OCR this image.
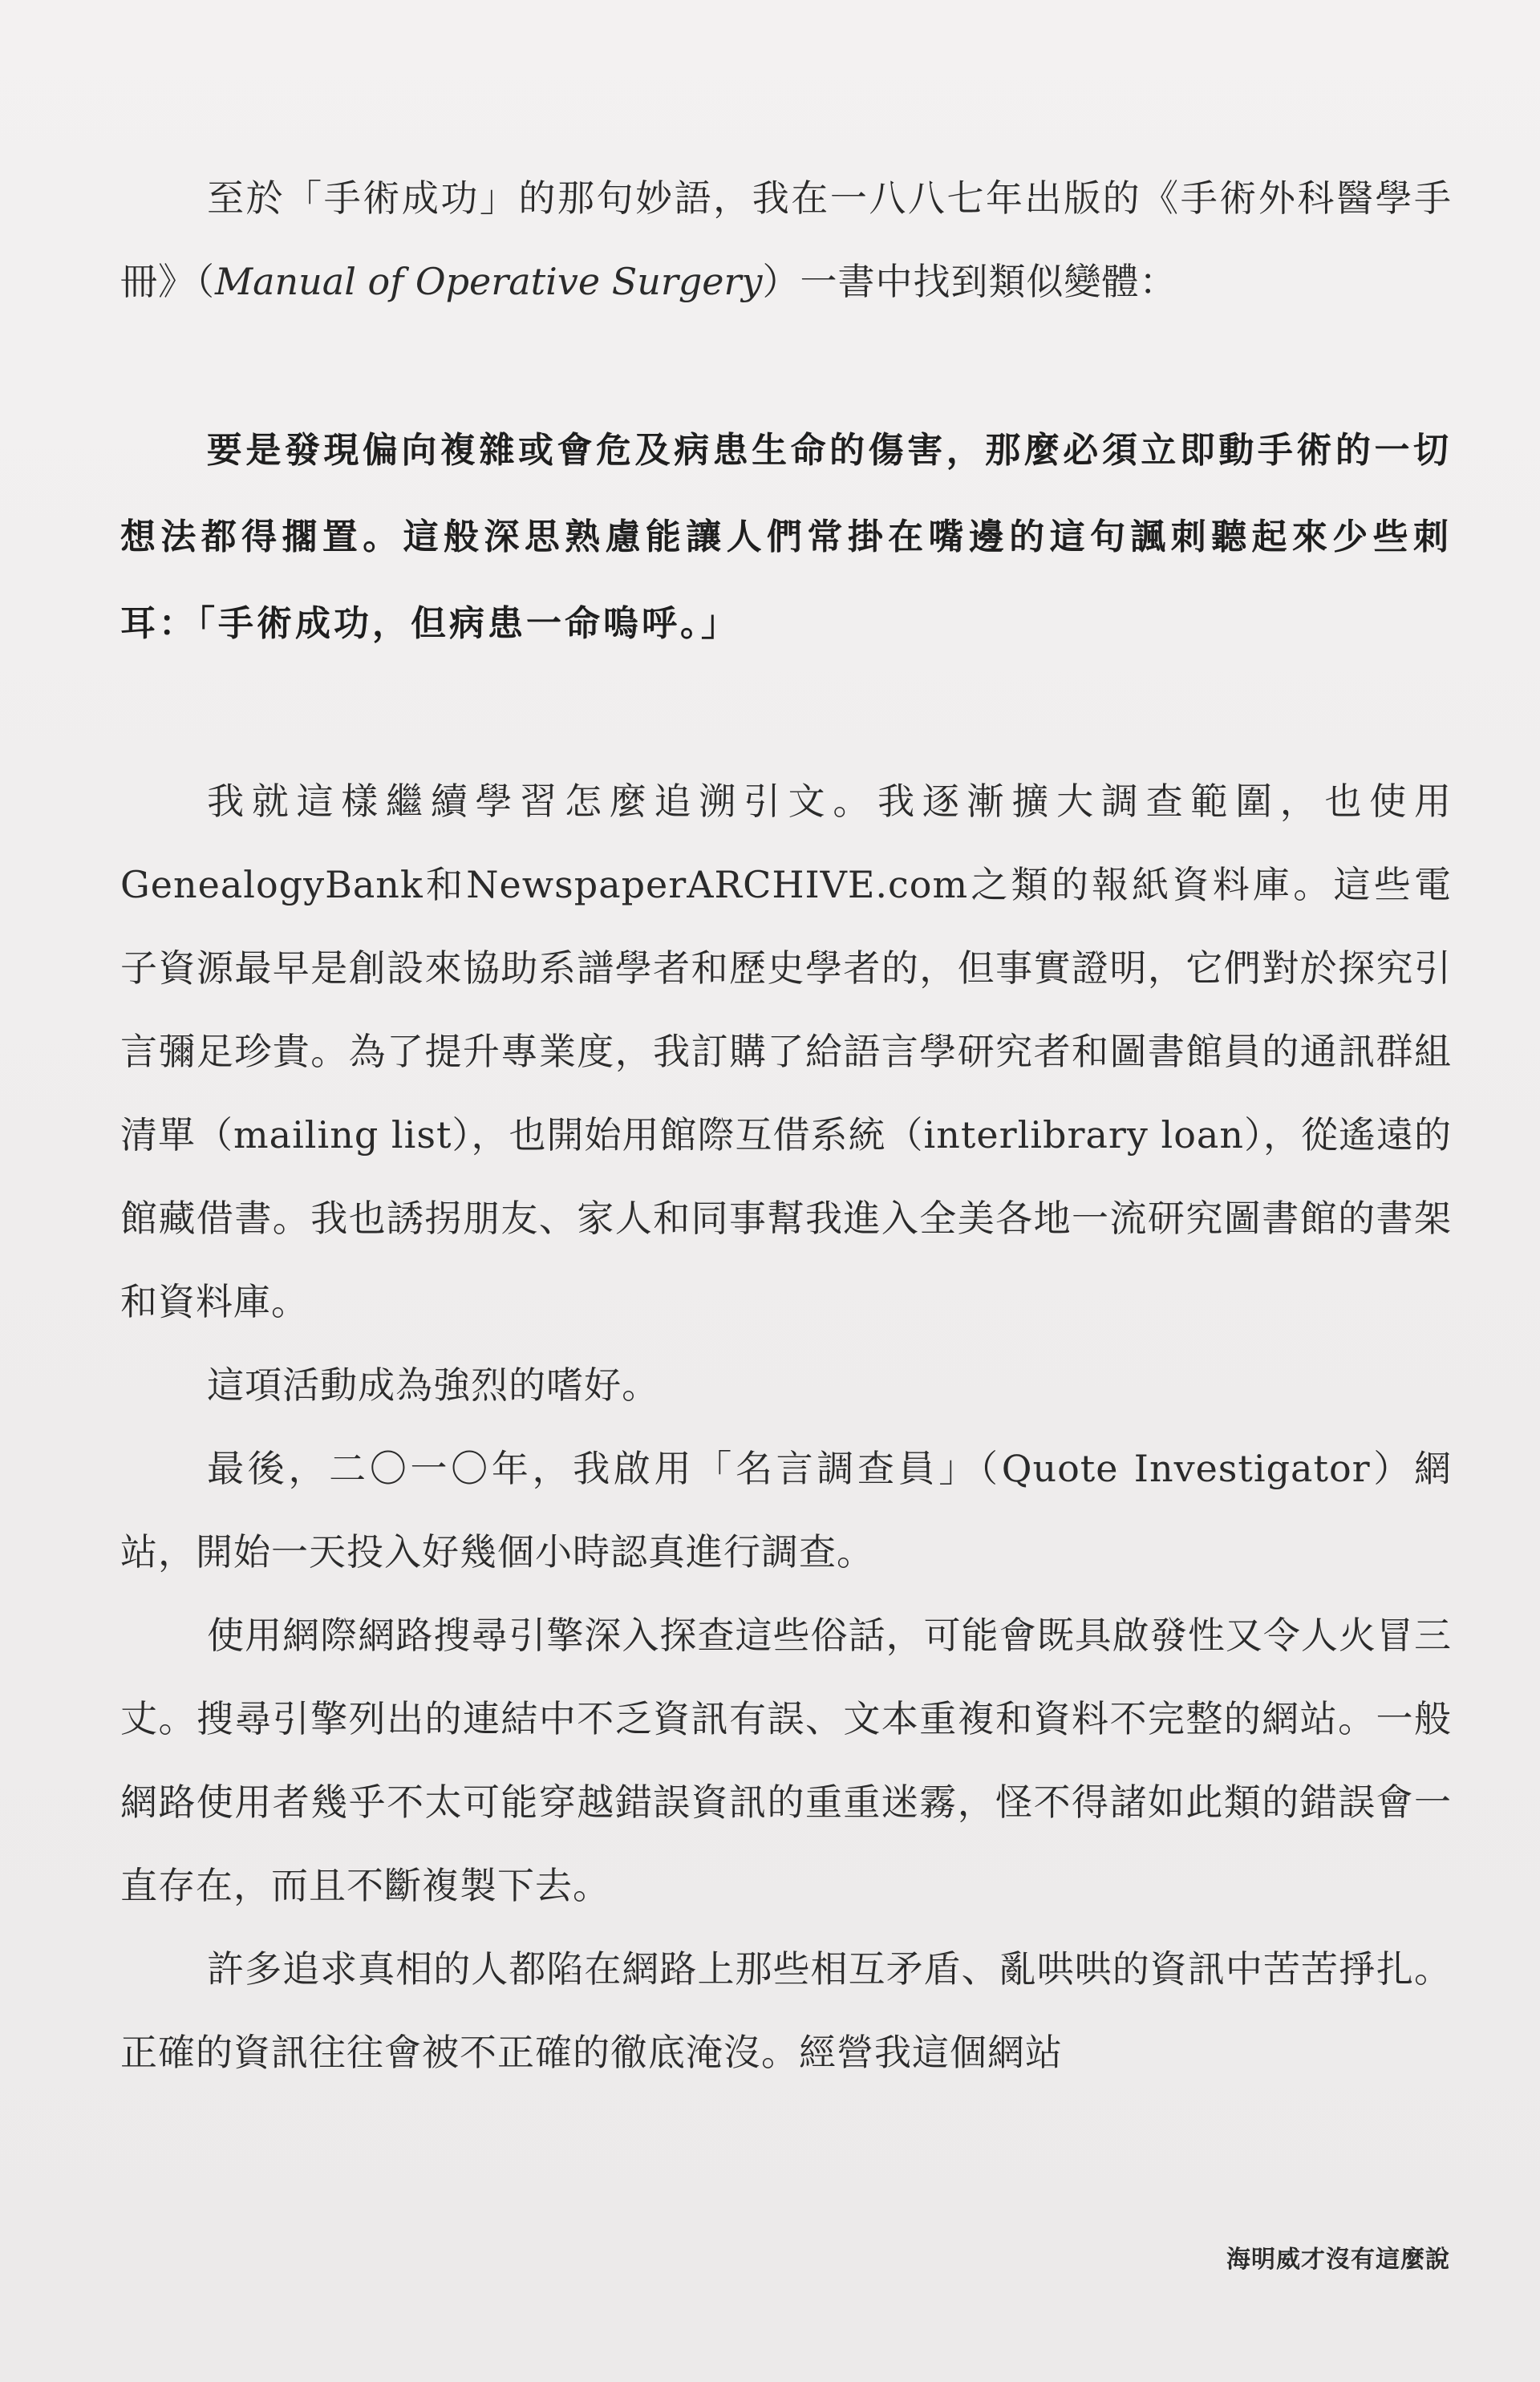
至於「手術成功」的那句妙語，我在一八八七年出版的《手術外科醫學手冊》（Manual of Operative Surgery）一書中找到類似變體：

要是發現偏向複雜或會危及病患生命的傷害，那麼必須立即動手術的一切想法都得擱置。這般深思熟慮能讓人們常掛在嘴邊的這句諷刺聽起來少些刺耳：「手術成功，但病患一命嗚呼。」

我就這樣繼續學習怎麼追溯引文。我逐漸擴大調查範圍，也使用GenealogyBank和NewspaperARCHIVE.com之類的報紙資料庫。這些電子資源最早是創設來協助系譜學者和歷史學者的，但事實證明，它們對於探究引言彌足珍貴。為了提升專業度，我訂購了給語言學研究者和圖書館員的通訊群組清單（mailing list），也開始用館際互借系統（interlibrary loan），從遙遠的館藏借書。我也誘拐朋友、家人和同事幫我進入全美各地一流研究圖書館的書架和資料庫。

這項活動成為強烈的嗜好。

最後，二〇一〇年，我啟用「名言調查員」（Quote Investigator）網站，開始一天投入好幾個小時認真進行調查。

使用網際網路搜尋引擎深入探查這些俗話，可能會既具啟發性又令人火冒三丈。搜尋引擎列出的連結中不乏資訊有誤、文本重複和資料不完整的網站。一般網路使用者幾乎不太可能穿越錯誤資訊的重重迷霧，怪不得諸如此類的錯誤會一直存在，而且不斷複製下去。

許多追求真相的人都陷在網路上那些相互矛盾、亂哄哄的資訊中苦苦掙扎。正確的資訊往往會被不正確的徹底淹沒。經營我這個網站

海明威才沒有這麼說
